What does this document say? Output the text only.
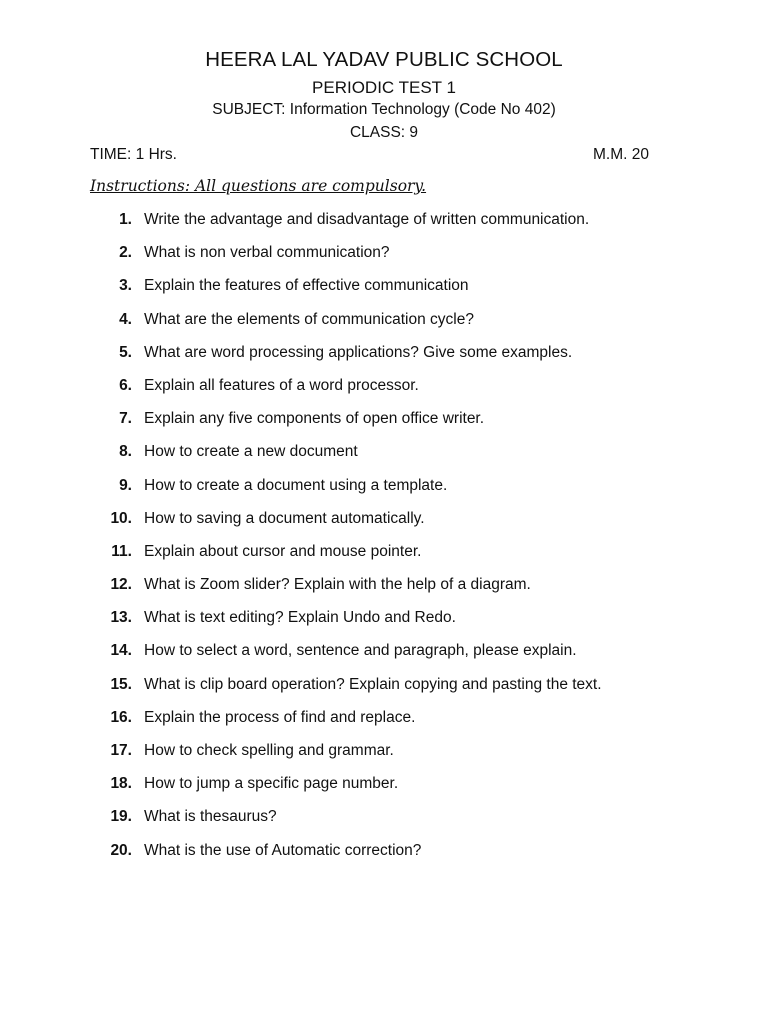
HEERA LAL YADAV PUBLIC SCHOOL
PERIODIC TEST 1
SUBJECT: Information Technology (Code No 402)
CLASS: 9
TIME: 1 Hrs.	M.M. 20
Instructions: All questions are compulsory.
1. Write the advantage and disadvantage of written communication.
2. What is non verbal communication?
3. Explain the features of effective communication
4. What are the elements of communication cycle?
5. What are word processing applications? Give some examples.
6. Explain all features of a word processor.
7. Explain any five components of open office writer.
8. How to create a new document
9. How to create a document using a template.
10. How to saving a document automatically.
11. Explain about cursor and mouse pointer.
12. What is Zoom slider? Explain with the help of a diagram.
13. What is text editing? Explain Undo and Redo.
14. How to select a word, sentence and paragraph, please explain.
15. What is clip board operation? Explain copying and pasting the text.
16. Explain the process of find and replace.
17. How to check spelling and grammar.
18. How to jump a specific page number.
19. What is thesaurus?
20. What is the use of Automatic correction?
